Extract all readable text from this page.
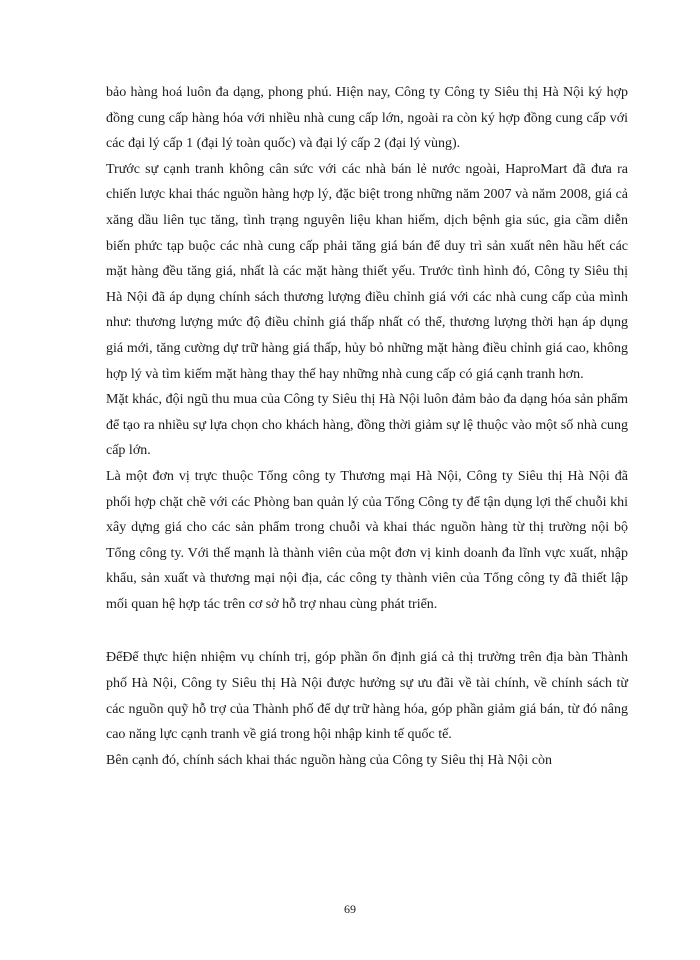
bảo hàng hoá luôn đa dạng, phong phú. Hiện nay, Công ty Công ty Siêu thị Hà Nội ký hợp đồng cung cấp hàng hóa với nhiều nhà cung cấp lớn, ngoài ra còn ký hợp đồng cung cấp với các đại lý cấp 1 (đại lý toàn quốc) và đại lý cấp 2 (đại lý vùng).

Trước sự cạnh tranh không cân sức với các nhà bán lẻ nước ngoài, HaproMart đã đưa ra chiến lược khai thác nguồn hàng hợp lý, đặc biệt trong những năm 2007 và năm 2008, giá cả xăng dầu liên tục tăng, tình trạng nguyên liệu khan hiếm, dịch bệnh gia súc, gia cầm diễn biến phức tạp buộc các nhà cung cấp phải tăng giá bán để duy trì sản xuất nên hầu hết các mặt hàng đều tăng giá, nhất là các mặt hàng thiết yếu. Trước tình hình đó, Công ty Siêu thị Hà Nội đã áp dụng chính sách thương lượng điều chỉnh giá với các nhà cung cấp của mình như: thương lượng mức độ điều chỉnh giá thấp nhất có thể, thương lượng thời hạn áp dụng giá mới, tăng cường dự trữ hàng giá thấp, hủy bỏ những mặt hàng điều chỉnh giá cao, không hợp lý và tìm kiếm mặt hàng thay thế hay những nhà cung cấp có giá cạnh tranh hơn.

Mặt khác, đội ngũ thu mua của Công ty Siêu thị Hà Nội luôn đảm bảo đa dạng hóa sản phẩm để tạo ra nhiều sự lựa chọn cho khách hàng, đồng thời giảm sự lệ thuộc vào một số nhà cung cấp lớn.

Là một đơn vị trực thuộc Tổng công ty Thương mại Hà Nội, Công ty Siêu thị Hà Nội đã phối hợp chặt chẽ với các Phòng ban quản lý của Tổng Công ty để tận dụng lợi thế chuỗi khi xây dựng giá cho các sản phẩm trong chuỗi và khai thác nguồn hàng từ thị trường nội bộ Tổng công ty. Với thế mạnh là thành viên của một đơn vị kinh doanh đa lĩnh vực xuất, nhập khẩu, sản xuất và thương mại nội địa, các công ty thành viên của Tổng công ty đã thiết lập mối quan hệ hợp tác trên cơ sở hỗ trợ nhau cùng phát triển.

ĐểĐể thực hiện nhiệm vụ chính trị, góp phần ổn định giá cả thị trường trên địa bàn Thành phố Hà Nội, Công ty Siêu thị Hà Nội được hưởng sự ưu đãi về tài chính, về chính sách từ các nguồn quỹ hỗ trợ của Thành phố để dự trữ hàng hóa, góp phần giảm giá bán, từ đó nâng cao năng lực cạnh tranh về giá trong hội nhập kinh tế quốc tế.

Bên cạnh đó, chính sách khai thác nguồn hàng của Công ty Siêu thị Hà Nội còn

69
